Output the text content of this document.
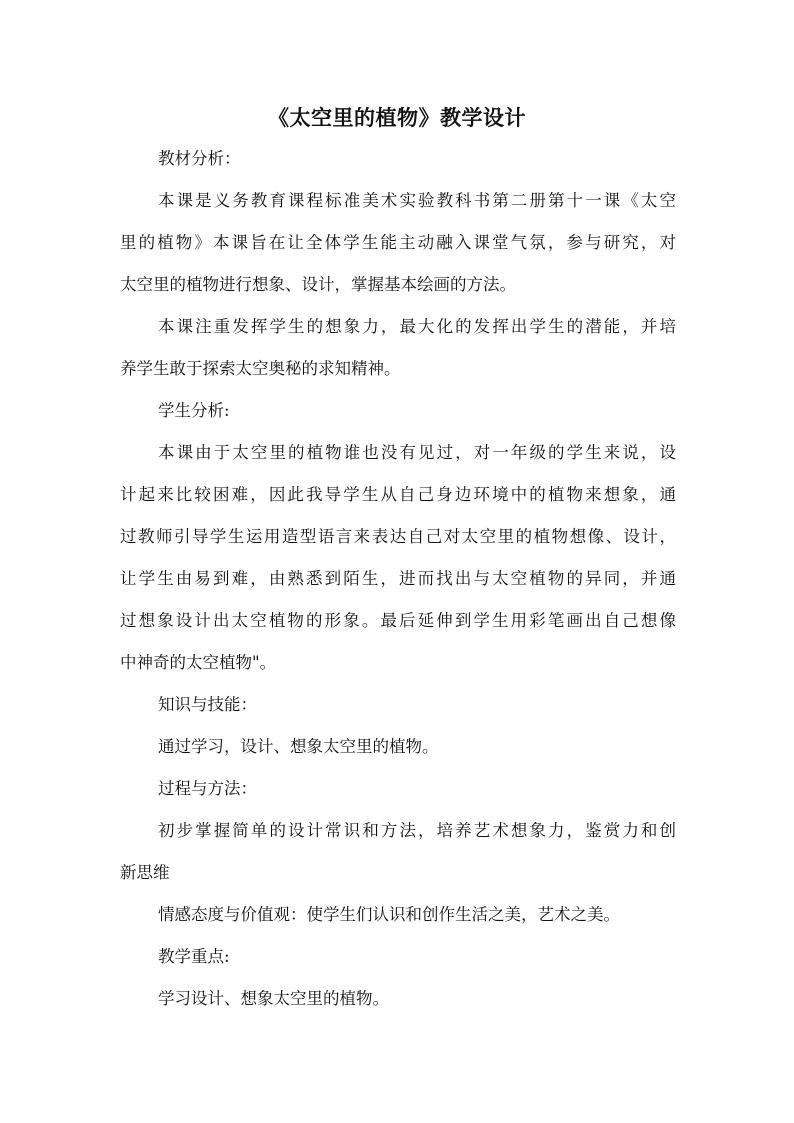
《太空里的植物》教学设计
教材分析：
本课是义务教育课程标准美术实验教科书第二册第十一课《太空
里的植物》本课旨在让全体学生能主动融入课堂气氛，参与研究，对
太空里的植物进行想象、设计，掌握基本绘画的方法。
本课注重发挥学生的想象力，最大化的发挥出学生的潜能，并培
养学生敢于探索太空奥秘的求知精神。
学生分析:
本课由于太空里的植物谁也没有见过，对一年级的学生来说，设
计起来比较困难，因此我导学生从自己身边环境中的植物来想象，通
过教师引导学生运用造型语言来表达自己对太空里的植物想像、设计，
让学生由易到难，由熟悉到陌生，进而找出与太空植物的异同，并通
过想象设计出太空植物的形象。最后延伸到学生用彩笔画出自己想像
中神奇的太空植物"。
知识与技能：
通过学习，设计、想象太空里的植物。
过程与方法：
初步掌握简单的设计常识和方法，培养艺术想象力，鉴赏力和创
新思维
情感态度与价值观：使学生们认识和创作生活之美，艺术之美。
教学重点:
学习设计、想象太空里的植物。
